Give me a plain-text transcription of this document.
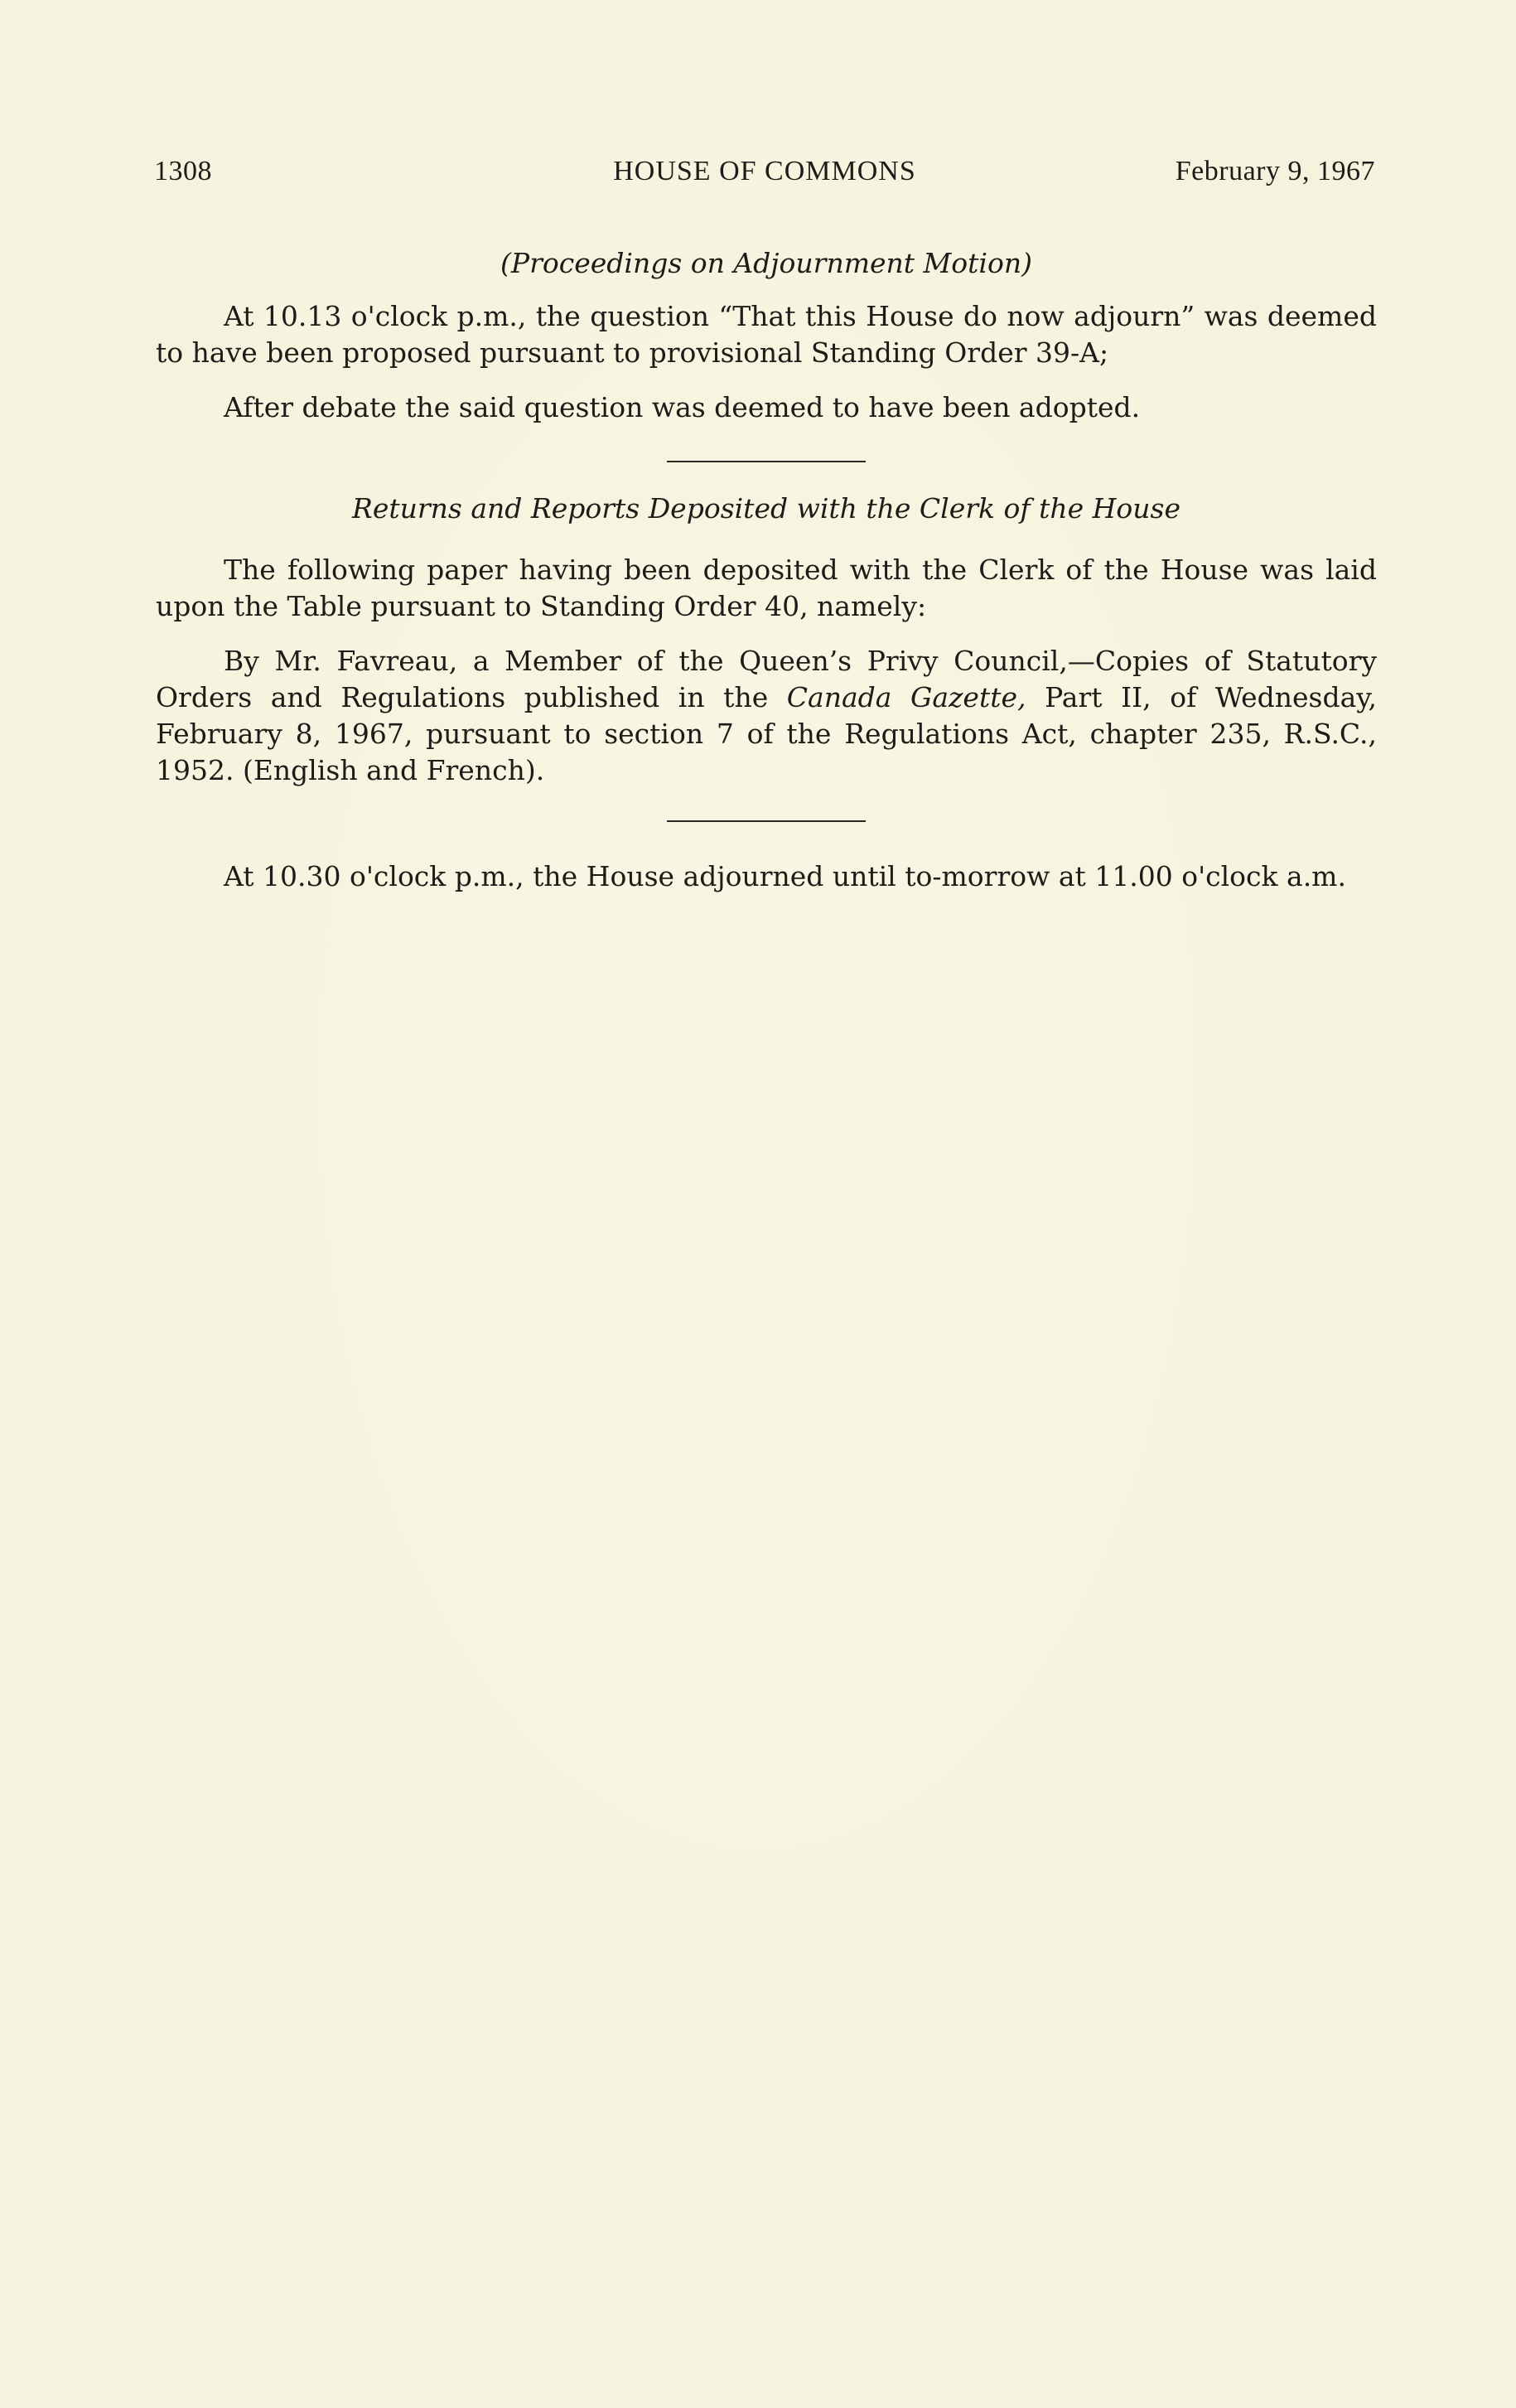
1308	HOUSE OF COMMONS	February 9, 1967
(Proceedings on Adjournment Motion)

At 10.13 o'clock p.m., the question “That this House do now adjourn” was deemed to have been proposed pursuant to provisional Standing Order 39-A;

After debate the said question was deemed to have been adopted.

Returns and Reports Deposited with the Clerk of the House

The following paper having been deposited with the Clerk of the House was laid upon the Table pursuant to Standing Order 40, namely:

By Mr. Favreau, a Member of the Queen’s Privy Council,—Copies of Statutory Orders and Regulations published in the Canada Gazette, Part II, of Wednesday, February 8, 1967, pursuant to section 7 of the Regulations Act, chapter 235, R.S.C., 1952. (English and French).

At 10.30 o'clock p.m., the House adjourned until to-morrow at 11.00 o'clock a.m.
